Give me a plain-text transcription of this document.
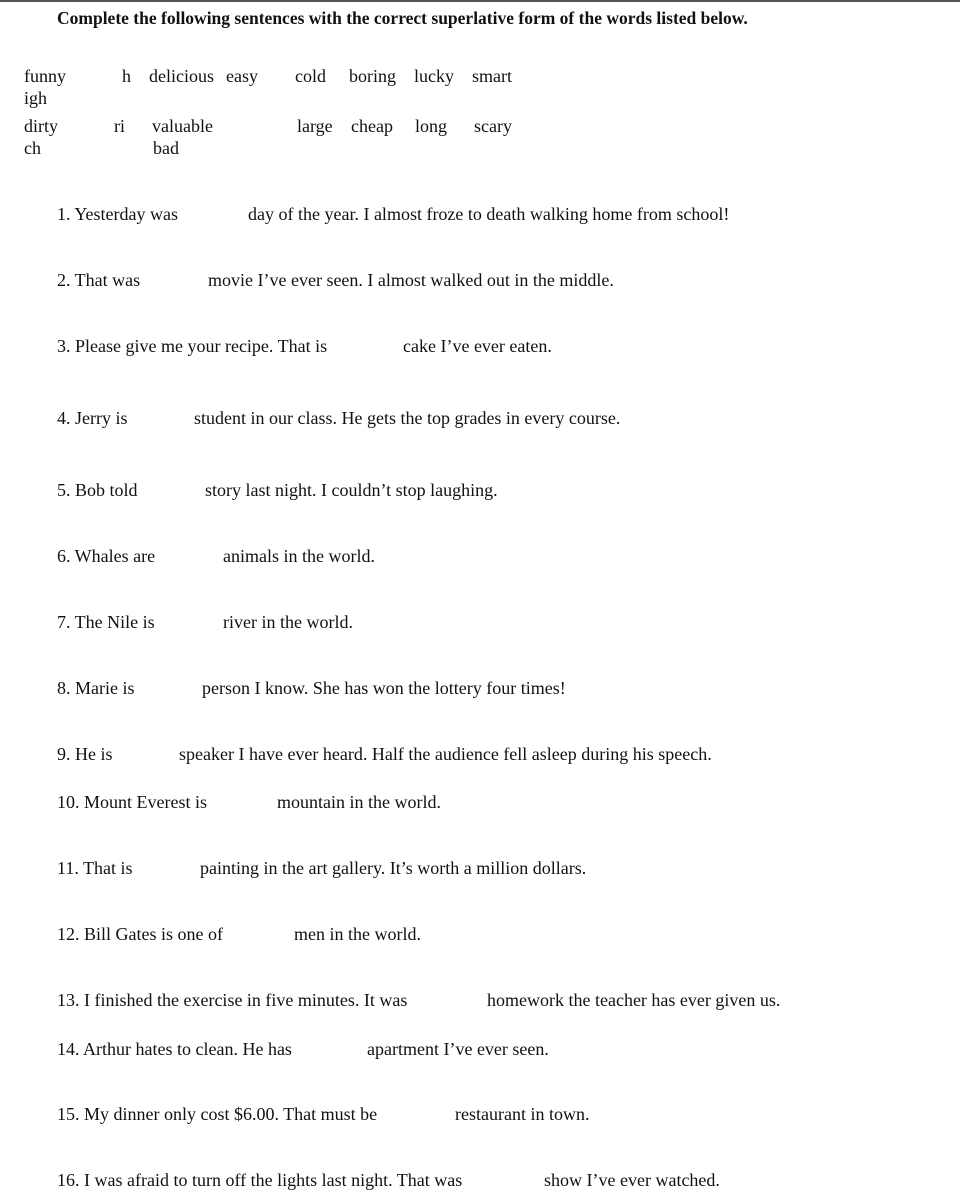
Complete the following sentences with the correct superlative form of the words listed below.
funny	h delicious easy cold boring lucky smart
igh
dirty	ri valuable	large cheap long scary
ch	bad
1. Yesterday was	day of the year. I almost froze to death walking home from school!
2. That was	movie I’ve ever seen. I almost walked out in the middle.
3. Please give me your recipe. That is	cake I’ve ever eaten.
4. Jerry is	student in our class. He gets the top grades in every course.
5. Bob told	story last night. I couldn’t stop laughing.
6. Whales are	animals in the world.
7. The Nile is	river in the world.
8. Marie is	person I know. She has won the lottery four times!
9. He is	speaker I have ever heard. Half the audience fell asleep during his speech.
10. Mount Everest is	mountain in the world.
11. That is	painting in the art gallery. It’s worth a million dollars.
12. Bill Gates is one of	men in the world.
13. I finished the exercise in five minutes. It was	homework the teacher has ever given us.
14. Arthur hates to clean. He has	apartment I’ve ever seen.
15. My dinner only cost $6.00. That must be	restaurant in town.
16. I was afraid to turn off the lights last night. That was	show I’ve ever watched.
